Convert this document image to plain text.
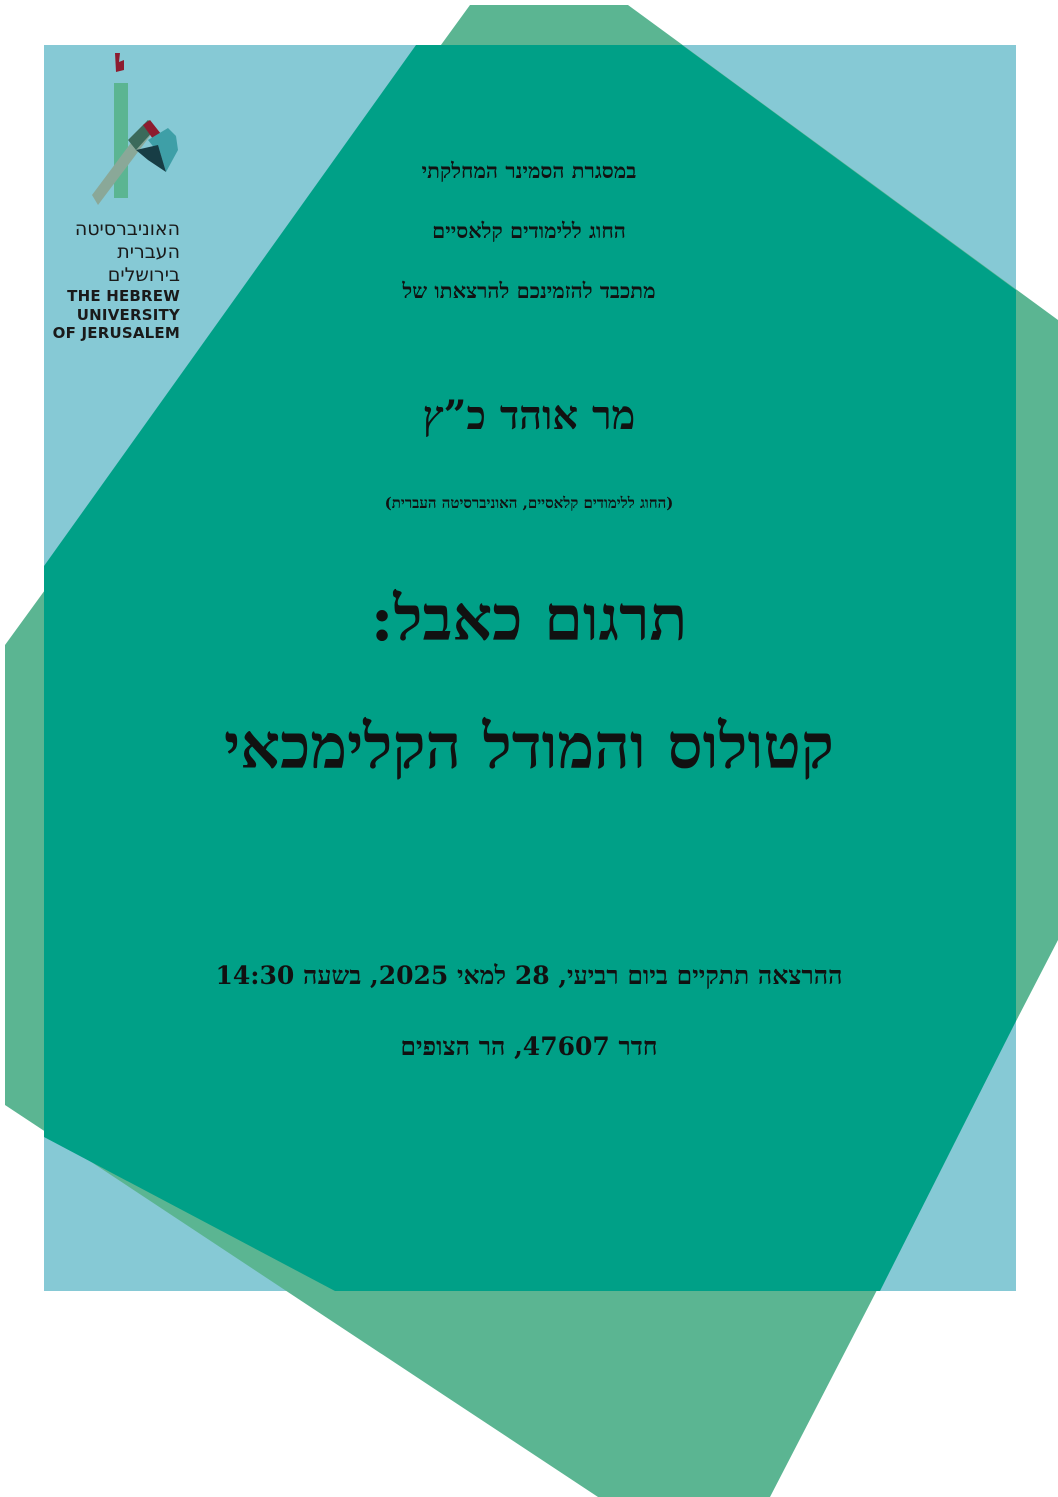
האוניברסיטה
העברית
בירושלים
THE HEBREW
UNIVERSITY
OF JERUSALEM
במסגרת הסמינר המחלקתי
החוג ללימודים קלאסיים
מתכבד להזמינכם להרצאתו של
מר אוהד כ”ץ
(החוג ללימודים קלאסיים, האוניברסיטה העברית)
תרגום כאבל:
קטולוס והמודל הקלימכאי
ההרצאה תתקיים ביום רביעי, 28 למאי 2025, בשעה 14:30
חדר 47607, הר הצופים
